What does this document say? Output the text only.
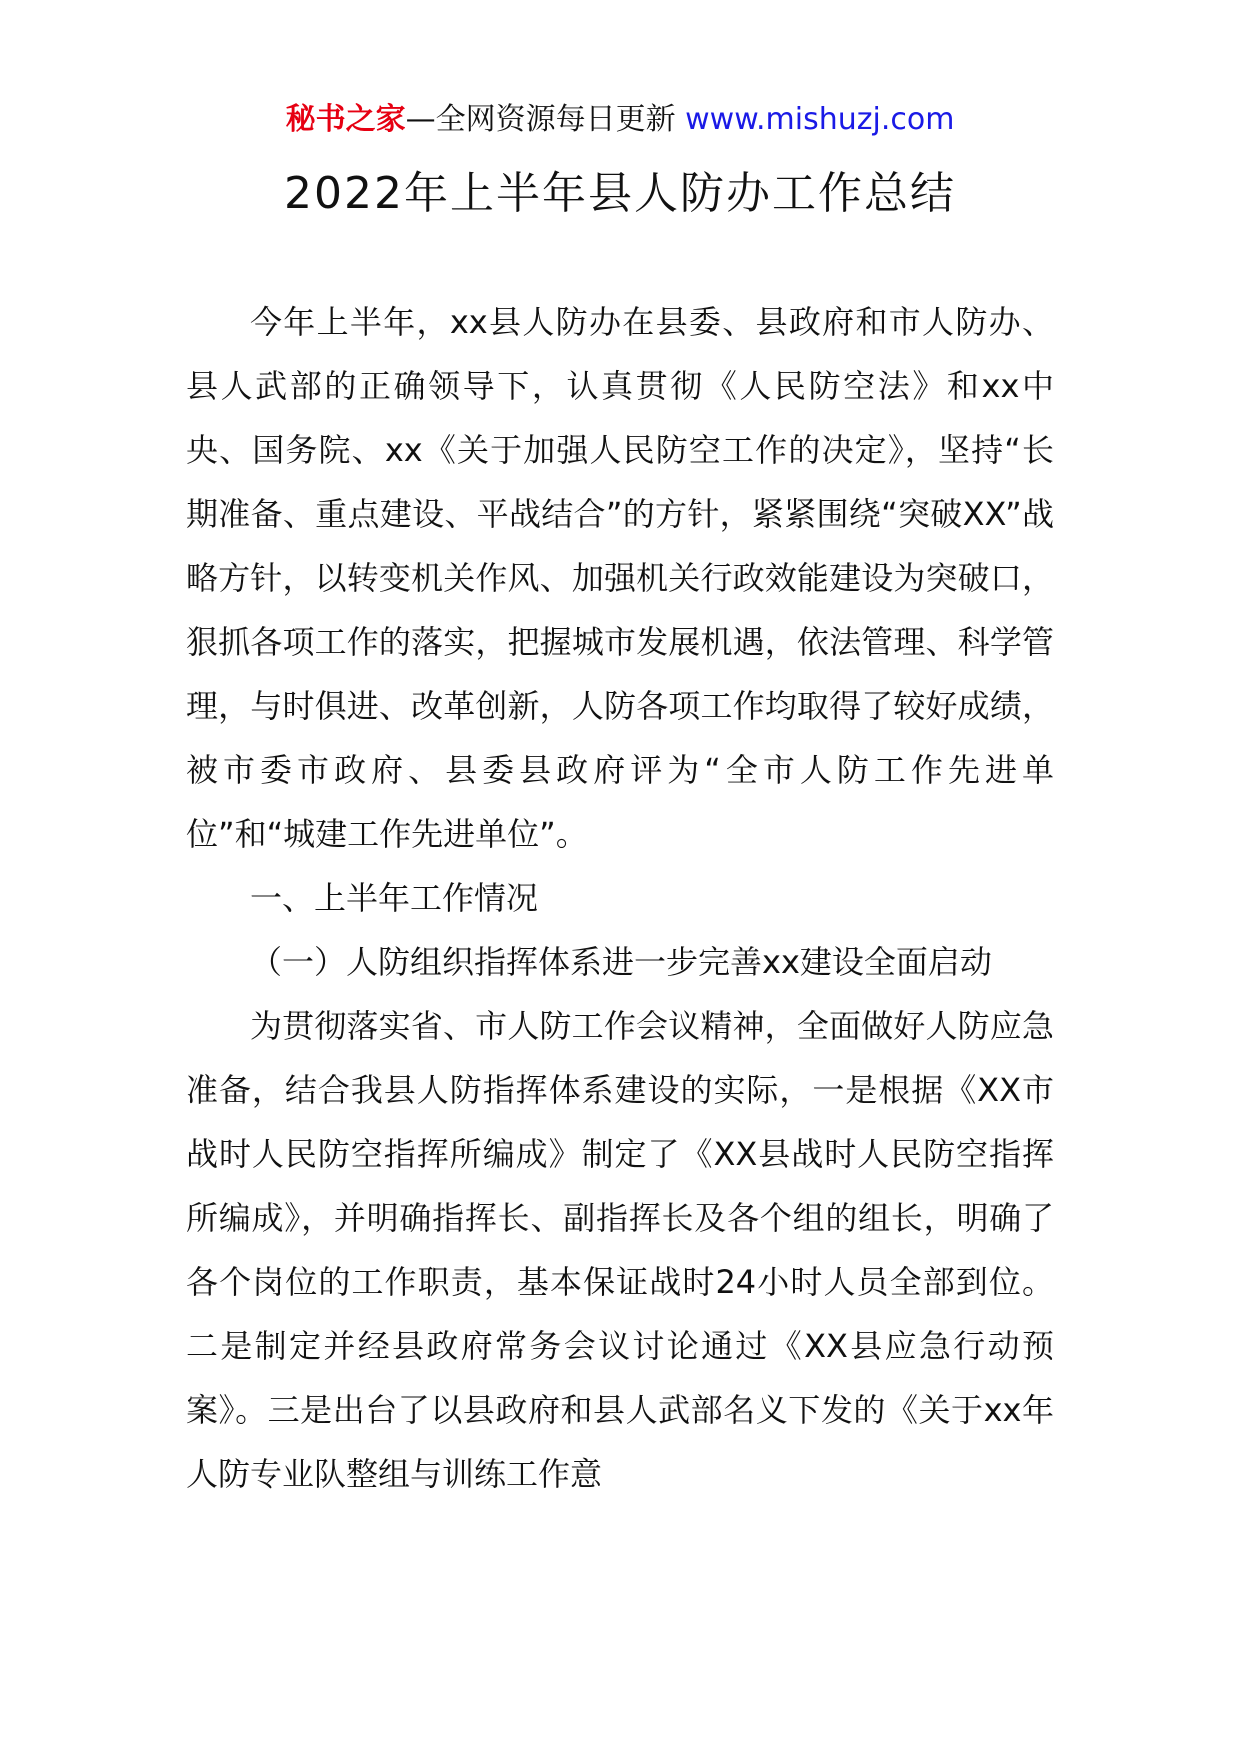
秘书之家—全网资源每日更新 www.mishuzj.com
2022年上半年县人防办工作总结

今年上半年，xx县人防办在县委、县政府和市人防办、县人武部的正确领导下，认真贯彻《人民防空法》和xx中央、国务院、xx《关于加强人民防空工作的决定》，坚持“长期准备、重点建设、平战结合”的方针，紧紧围绕“突破XX”战略方针，以转变机关作风、加强机关行政效能建设为突破口，狠抓各项工作的落实，把握城市发展机遇，依法管理、科学管理，与时俱进、改革创新，人防各项工作均取得了较好成绩，被市委市政府、县委县政府评为“全市人防工作先进单位”和“城建工作先进单位”。

一、上半年工作情况
（一）人防组织指挥体系进一步完善xx建设全面启动

为贯彻落实省、市人防工作会议精神，全面做好人防应急准备，结合我县人防指挥体系建设的实际，一是根据《XX市战时人民防空指挥所编成》制定了《XX县战时人民防空指挥所编成》，并明确指挥长、副指挥长及各个组的组长，明确了各个岗位的工作职责，基本保证战时24小时人员全部到位。二是制定并经县政府常务会议讨论通过《XX县应急行动预案》。三是出台了以县政府和县人武部名义下发的《关于xx年人防专业队整组与训练工作意
